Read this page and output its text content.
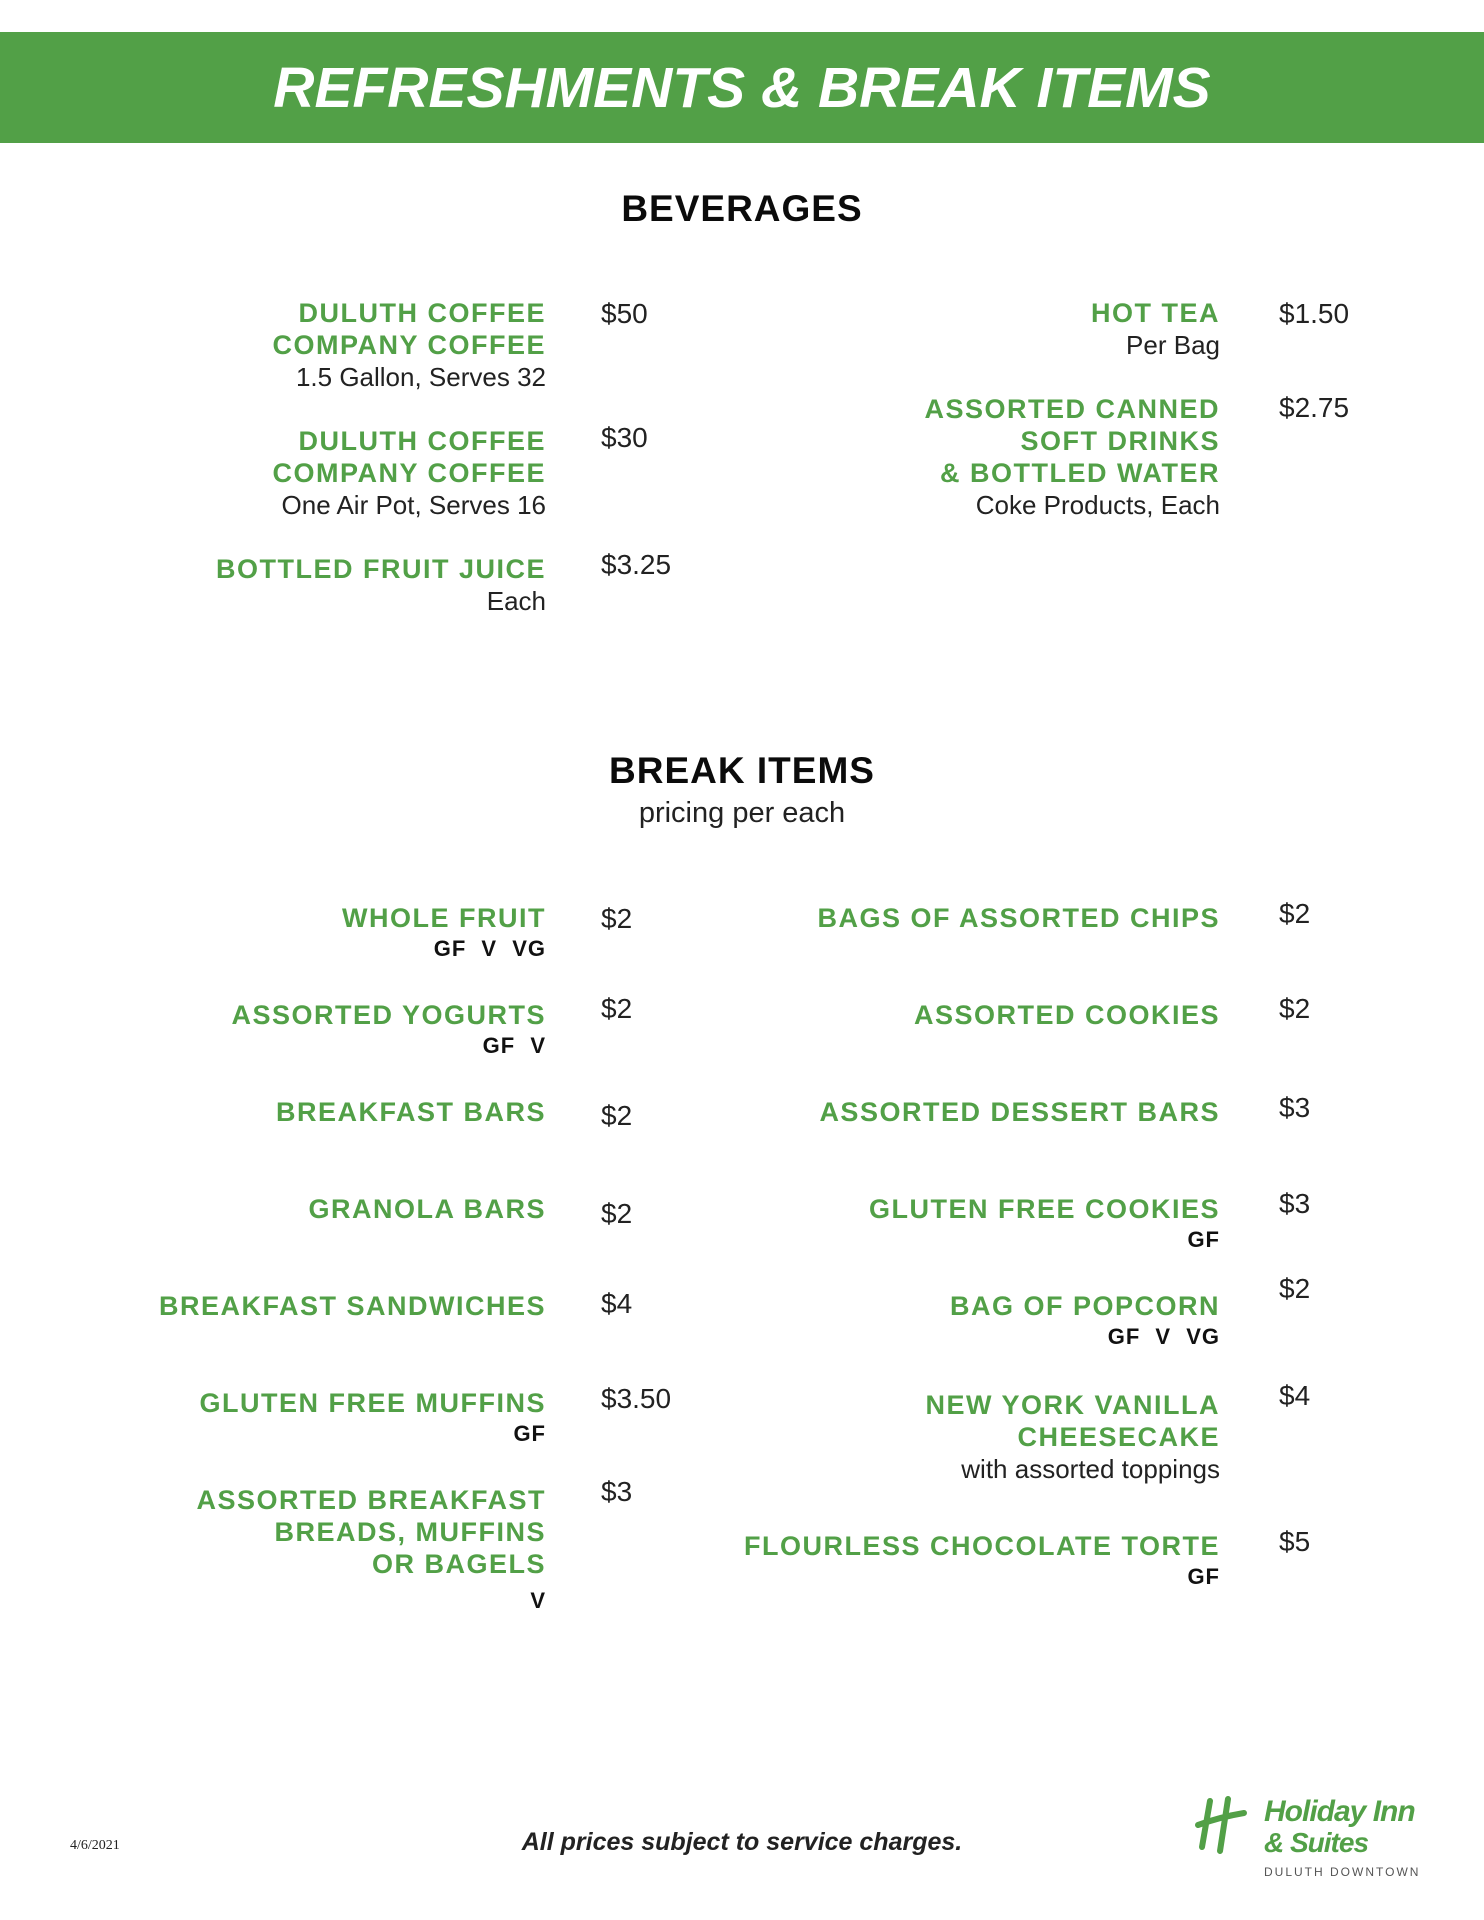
REFRESHMENTS & BREAK ITEMS
BEVERAGES
DULUTH COFFEE
COMPANY COFFEE
1.5 Gallon, Serves 32
$50
DULUTH COFFEE
COMPANY COFFEE
One Air Pot, Serves 16
$30
BOTTLED FRUIT JUICE
Each
$3.25
HOT TEA
Per Bag
$1.50
ASSORTED CANNED
SOFT DRINKS
& BOTTLED WATER
Coke Products, Each
$2.75
BREAK ITEMS
pricing per each
WHOLE FRUIT
GF V VG
$2
ASSORTED YOGURTS
GF V
$2
BREAKFAST BARS $2
GRANOLA BARS $2
BREAKFAST SANDWICHES $4
GLUTEN FREE MUFFINS
GF
$3.50
ASSORTED BREAKFAST
BREADS, MUFFINS
OR BAGELS
V
$3
BAGS OF ASSORTED CHIPS $2
ASSORTED COOKIES $2
ASSORTED DESSERT BARS $3
GLUTEN FREE COOKIES
GF
$3
BAG OF POPCORN
GF V VG
$2
NEW YORK VANILLA
CHEESECAKE
with assorted toppings
$4
FLOURLESS CHOCOLATE TORTE
GF
$5
4/6/2021	All prices subject to service charges.
Holiday Inn
& Suites
DULUTH DOWNTOWN
